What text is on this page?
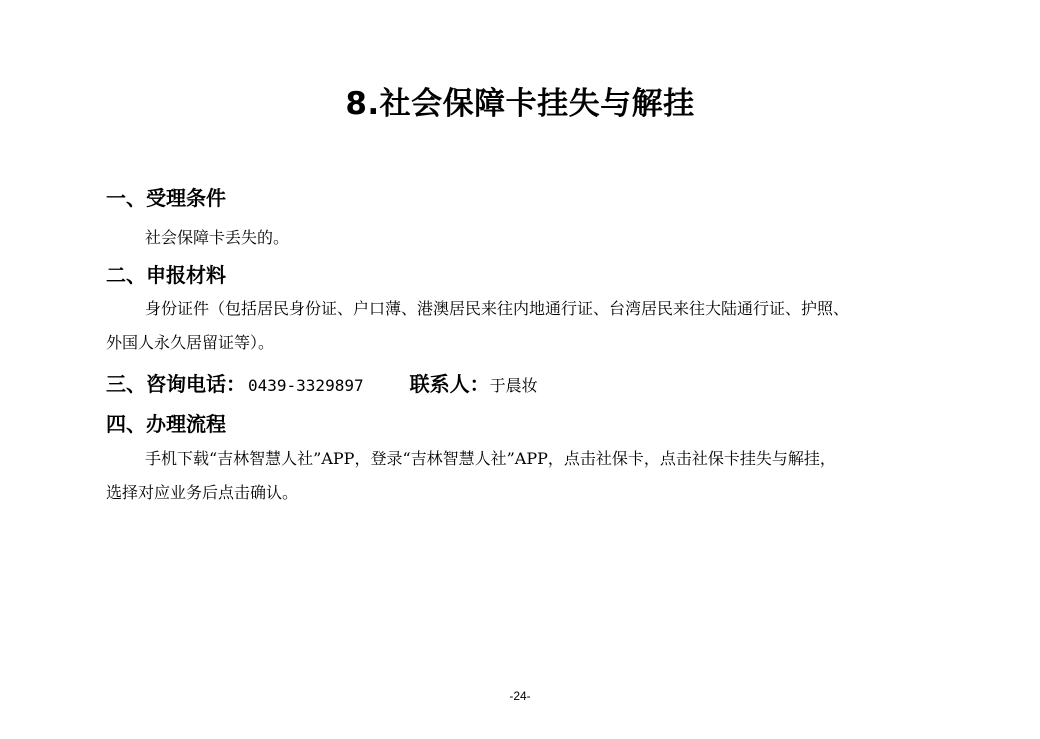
8.社会保障卡挂失与解挂
一、受理条件
社会保障卡丢失的。
二、申报材料
身份证件（包括居民身份证、户口薄、港澳居民来往内地通行证、台湾居民来往大陆通行证、护照、
外国人永久居留证等）。
三、咨询电话： 0439-3329897 联系人：于晨妆
四、办理流程
手机下载“吉林智慧人社”APP，登录“吉林智慧人社”APP，点击社保卡，点击社保卡挂失与解挂，
选择对应业务后点击确认。
-24-
